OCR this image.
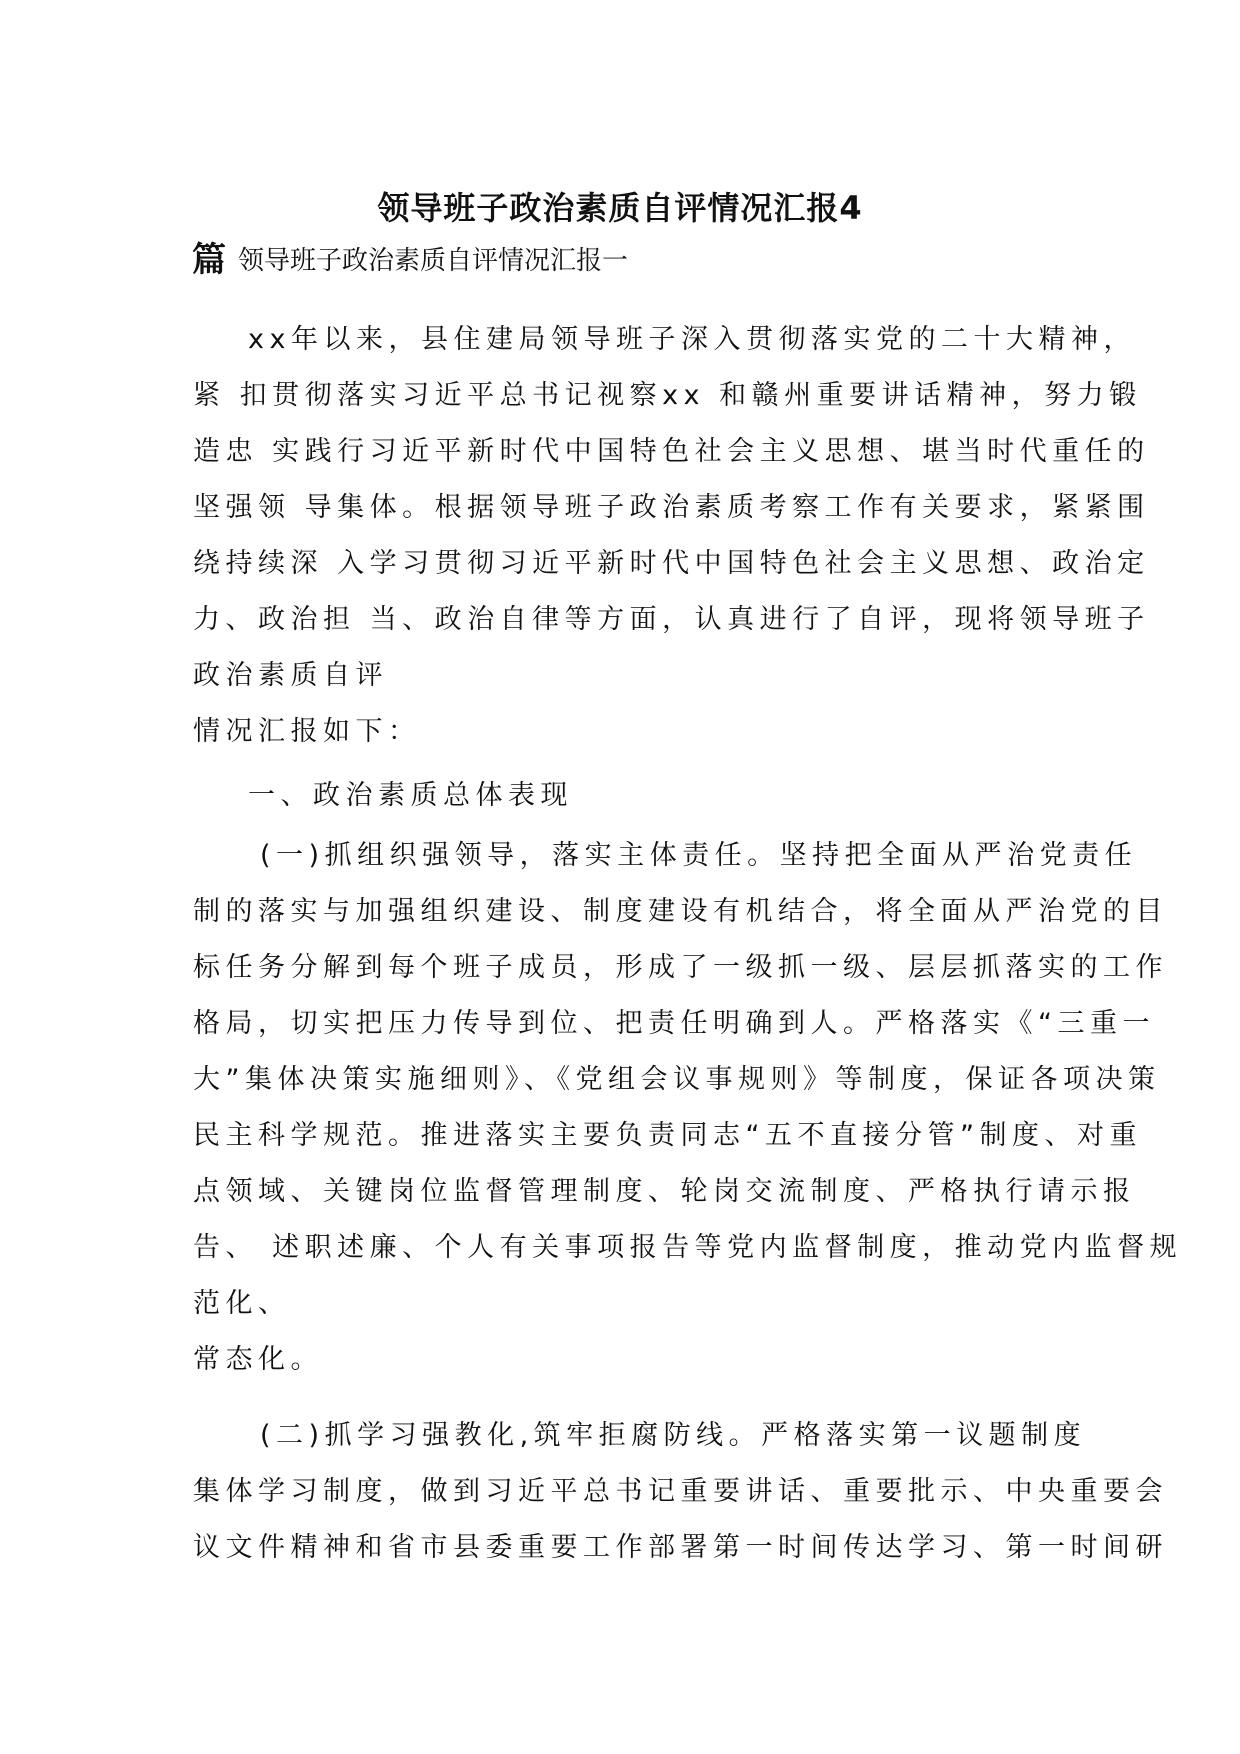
领导班子政治素质自评情况汇报4
篇 领导班子政治素质自评情况汇报一
xx年以来，县住建局领导班子深入贯彻落实党的二十大精神，
紧 扣贯彻落实习近平总书记视察xx 和赣州重要讲话精神，努力锻
造忠 实践行习近平新时代中国特色社会主义思想、堪当时代重任的
坚强领 导集体。根据领导班子政治素质考察工作有关要求，紧紧围
绕持续深 入学习贯彻习近平新时代中国特色社会主义思想、政治定
力、政治担 当、政治自律等方面，认真进行了自评，现将领导班子
政治素质自评
情况汇报如下：
一、政治素质总体表现
(一)抓组织强领导，落实主体责任。坚持把全面从严治党责任
制的落实与加强组织建设、制度建设有机结合，将全面从严治党的目
标任务分解到每个班子成员，形成了一级抓一级、层层抓落实的工作
格局，切实把压力传导到位、把责任明确到人。严格落实《“三重一
大”集体决策实施细则》、《党组会议事规则》等制度，保证各项决策
民主科学规范。推进落实主要负责同志“五不直接分管”制度、对重
点领域、关键岗位监督管理制度、轮岗交流制度、严格执行请示报
告、 述职述廉、个人有关事项报告等党内监督制度，推动党内监督规
范化、
常态化。
(二)抓学习强教化,筑牢拒腐防线。严格落实第一议题制度
集体学习制度，做到习近平总书记重要讲话、重要批示、中央重要会
议文件精神和省市县委重要工作部署第一时间传达学习、第一时间研
